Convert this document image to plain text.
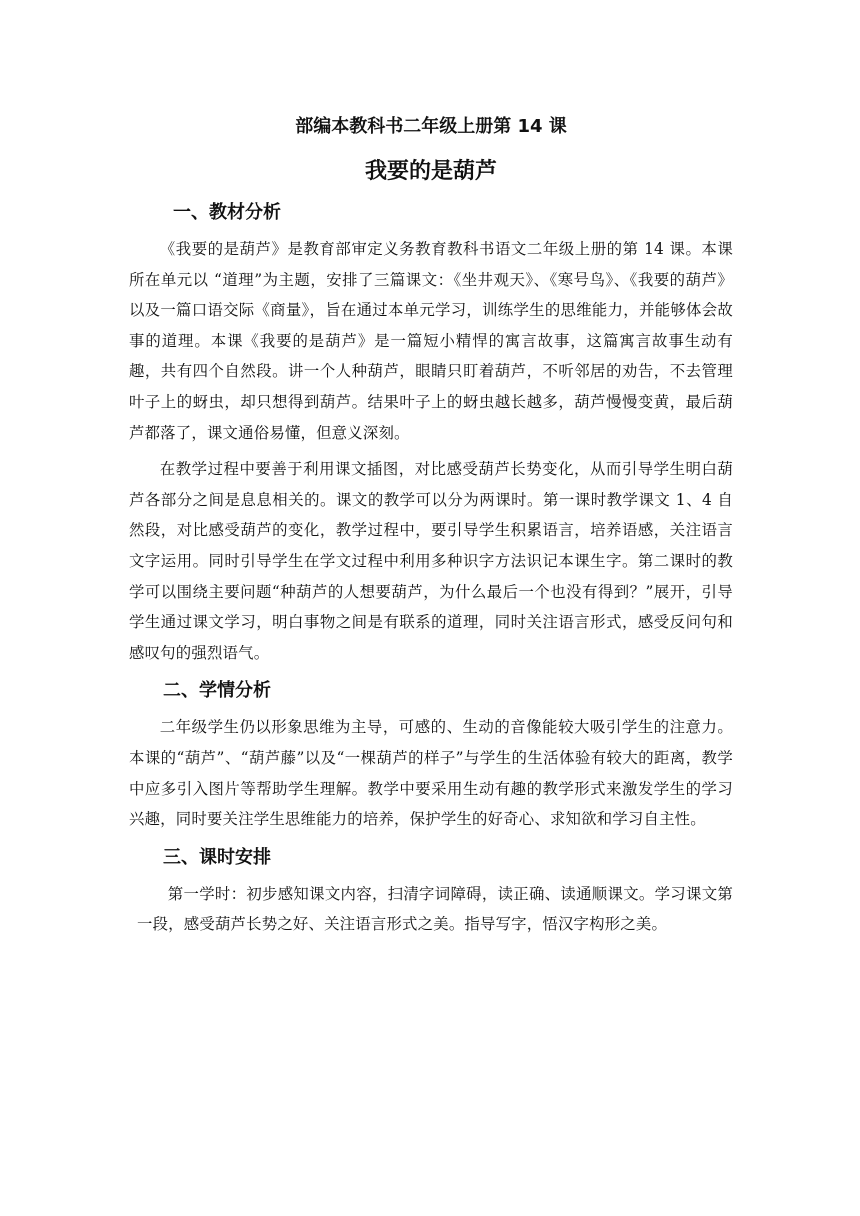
部编本教科书二年级上册第 14 课

我要的是葫芦

一、教材分析

《我要的是葫芦》是教育部审定义务教育教科书语文二年级上册的第 14 课。本课所在单元以 “道理”为主题，安排了三篇课文：《坐井观天》、《寒号鸟》、《我要的葫芦》以及一篇口语交际《商量》，旨在通过本单元学习，训练学生的思维能力，并能够体会故事的道理。本课《我要的是葫芦》是一篇短小精悍的寓言故事，这篇寓言故事生动有趣，共有四个自然段。讲一个人种葫芦，眼睛只盯着葫芦，不听邻居的劝告，不去管理叶子上的蚜虫，却只想得到葫芦。结果叶子上的蚜虫越长越多，葫芦慢慢变黄，最后葫芦都落了，课文通俗易懂，但意义深刻。

在教学过程中要善于利用课文插图，对比感受葫芦长势变化，从而引导学生明白葫芦各部分之间是息息相关的。课文的教学可以分为两课时。第一课时教学课文 1、4 自然段，对比感受葫芦的变化，教学过程中，要引导学生积累语言，培养语感，关注语言文字运用。同时引导学生在学文过程中利用多种识字方法识记本课生字。第二课时的教学可以围绕主要问题“种葫芦的人想要葫芦，为什么最后一个也没有得到？”展开，引导学生通过课文学习，明白事物之间是有联系的道理，同时关注语言形式，感受反问句和感叹句的强烈语气。

二、学情分析

二年级学生仍以形象思维为主导，可感的、生动的音像能较大吸引学生的注意力。本课的“葫芦”、“葫芦藤”以及“一棵葫芦的样子”与学生的生活体验有较大的距离，教学中应多引入图片等帮助学生理解。教学中要采用生动有趣的教学形式来激发学生的学习兴趣，同时要关注学生思维能力的培养，保护学生的好奇心、求知欲和学习自主性。

三、课时安排

第一学时：初步感知课文内容，扫清字词障碍，读正确、读通顺课文。学习课文第一段，感受葫芦长势之好、关注语言形式之美。指导写字，悟汉字构形之美。
